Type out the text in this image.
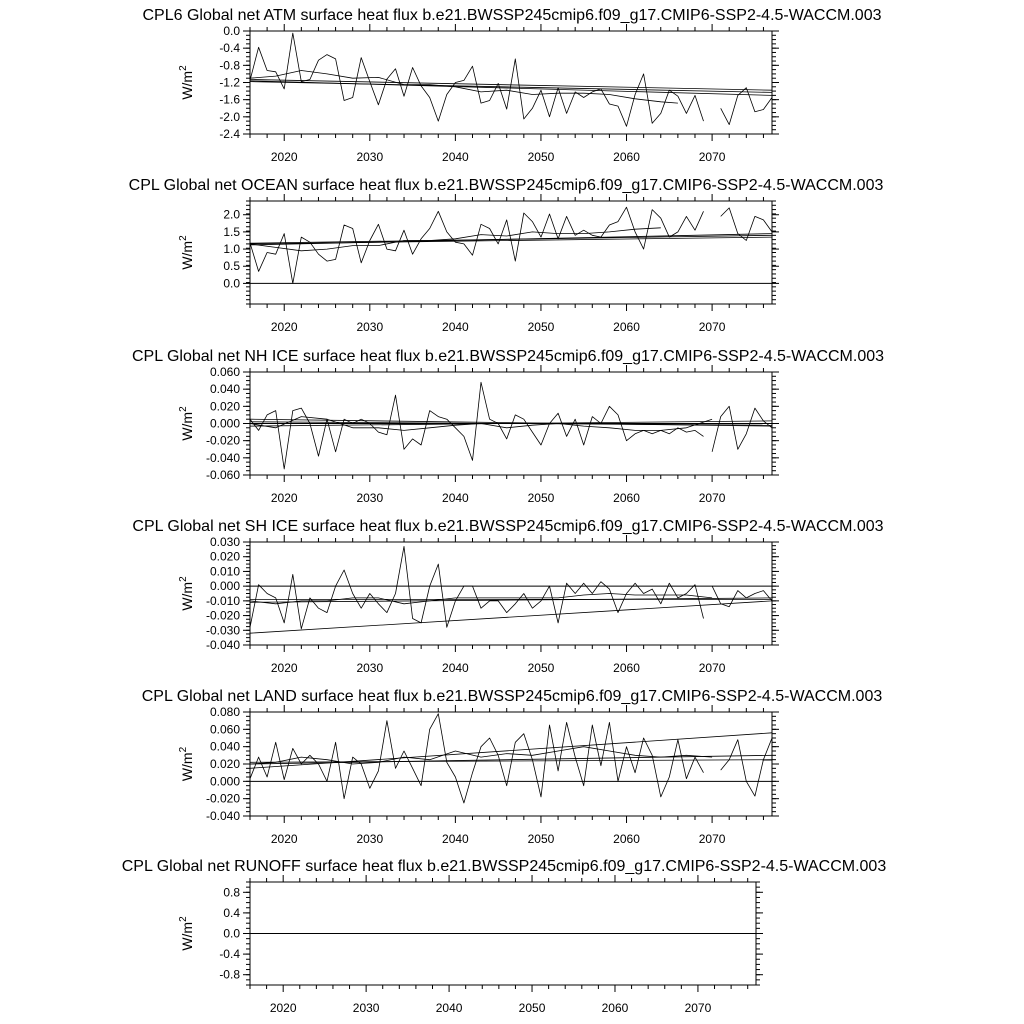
CPL6 Global net ATM surface heat flux b.e21.BWSSP245cmip6.f09_g17.CMIP6-SSP2-4.5-WACCM.003
-2.4
-2.0
-1.6
-1.2
-0.8
-0.4
0.0
2020	2030	2040	2050	2060	2070
$W/m^2$
CPL Global net OCEAN surface heat flux b.e21.BWSSP245cmip6.f09_g17.CMIP6-SSP2-4.5-WACCM.003
0.0
0.5
1.0
1.5
2.0
2020	2030	2040	2050	2060	2070
$W/m^2$
CPL Global net NH ICE surface heat flux b.e21.BWSSP245cmip6.f09_g17.CMIP6-SSP2-4.5-WACCM.003
-0.060
-0.040
-0.020
0.000
0.020
0.040
0.060
2020	2030	2040	2050	2060	2070
$W/m^2$
CPL Global net SH ICE surface heat flux b.e21.BWSSP245cmip6.f09_g17.CMIP6-SSP2-4.5-WACCM.003
-0.040
-0.030
-0.020
-0.010
0.000
0.010
0.020
0.030
2020	2030	2040	2050	2060	2070
$W/m^2$
CPL Global net LAND surface heat flux b.e21.BWSSP245cmip6.f09_g17.CMIP6-SSP2-4.5-WACCM.003
-0.040
-0.020
0.000
0.020
0.040
0.060
0.080
2020	2030	2040	2050	2060	2070
$W/m^2$
CPL Global net RUNOFF surface heat flux b.e21.BWSSP245cmip6.f09_g17.CMIP6-SSP2-4.5-WACCM.003
-0.8
-0.4
0.0
0.4
0.8
2020	2030	2040	2050	2060	2070
$W/m^2$
